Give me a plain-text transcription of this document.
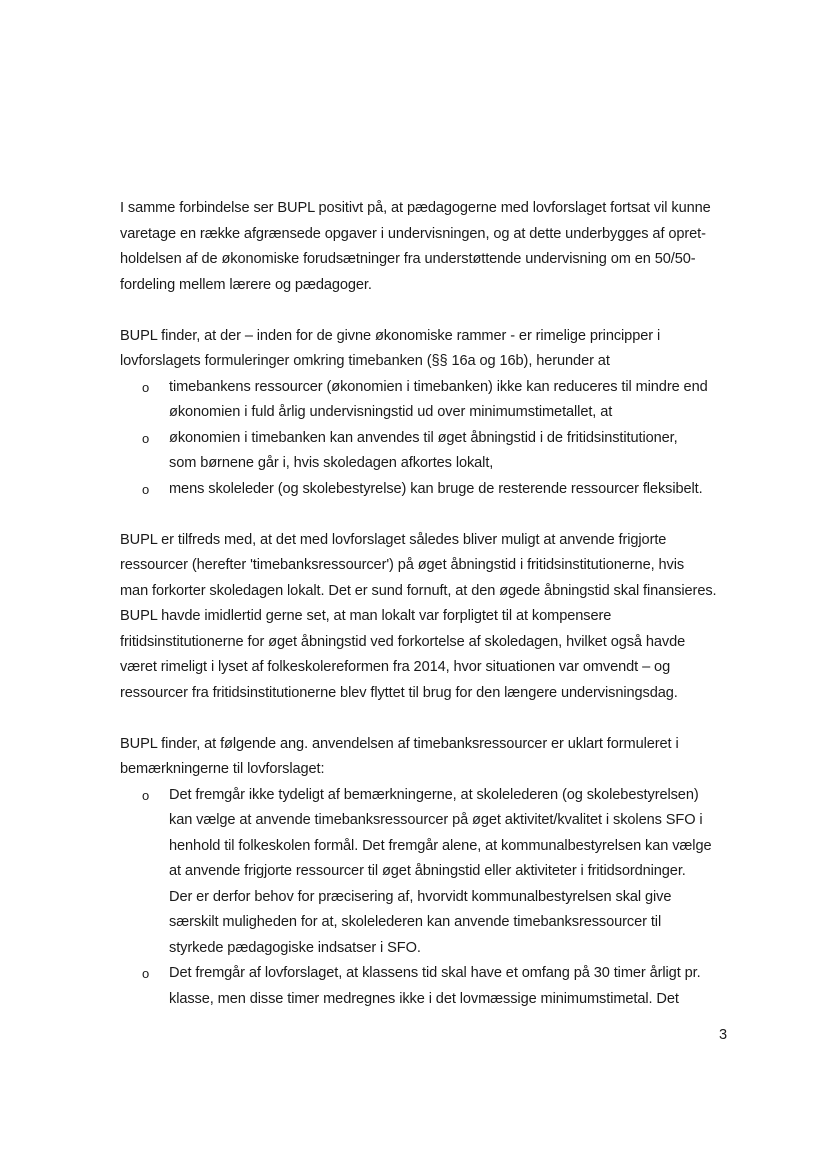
I samme forbindelse ser BUPL positivt på, at pædagogerne med lovforslaget fortsat vil kunne
varetage en række afgrænsede opgaver i undervisningen, og at dette underbygges af opret-
holdelsen af de økonomiske forudsætninger fra understøttende undervisning om en 50/50-
fordeling mellem lærere og pædagoger.

BUPL finder, at der – inden for de givne økonomiske rammer - er rimelige principper i
lovforslagets formuleringer omkring timebanken (§§ 16a og 16b), herunder at

o timebankens ressourcer (økonomien i timebanken) ikke kan reduceres til mindre end
økonomien i fuld årlig undervisningstid ud over minimumstimetallet, at
o økonomien i timebanken kan anvendes til øget åbningstid i de fritidsinstitutioner,
som børnene går i, hvis skoledagen afkortes lokalt,
o mens skoleleder (og skolebestyrelse) kan bruge de resterende ressourcer fleksibelt.

BUPL er tilfreds med, at det med lovforslaget således bliver muligt at anvende frigjorte
ressourcer (herefter 'timebanksressourcer') på øget åbningstid i fritidsinstitutionerne, hvis
man forkorter skoledagen lokalt. Det er sund fornuft, at den øgede åbningstid skal finansieres.
BUPL havde imidlertid gerne set, at man lokalt var forpligtet til at kompensere
fritidsinstitutionerne for øget åbningstid ved forkortelse af skoledagen, hvilket også havde
været rimeligt i lyset af folkeskolereformen fra 2014, hvor situationen var omvendt – og
ressourcer fra fritidsinstitutionerne blev flyttet til brug for den længere undervisningsdag.

BUPL finder, at følgende ang. anvendelsen af timebanksressourcer er uklart formuleret i
bemærkningerne til lovforslaget:

o Det fremgår ikke tydeligt af bemærkningerne, at skolelederen (og skolebestyrelsen)
kan vælge at anvende timebanksressourcer på øget aktivitet/kvalitet i skolens SFO i
henhold til folkeskolen formål. Det fremgår alene, at kommunalbestyrelsen kan vælge
at anvende frigjorte ressourcer til øget åbningstid eller aktiviteter i fritidsordninger.
Der er derfor behov for præcisering af, hvorvidt kommunalbestyrelsen skal give
særskilt muligheden for at, skolelederen kan anvende timebanksressourcer til
styrkede pædagogiske indsatser i SFO.
o Det fremgår af lovforslaget, at klassens tid skal have et omfang på 30 timer årligt pr.
klasse, men disse timer medregnes ikke i det lovmæssige minimumstimetal. Det
3
